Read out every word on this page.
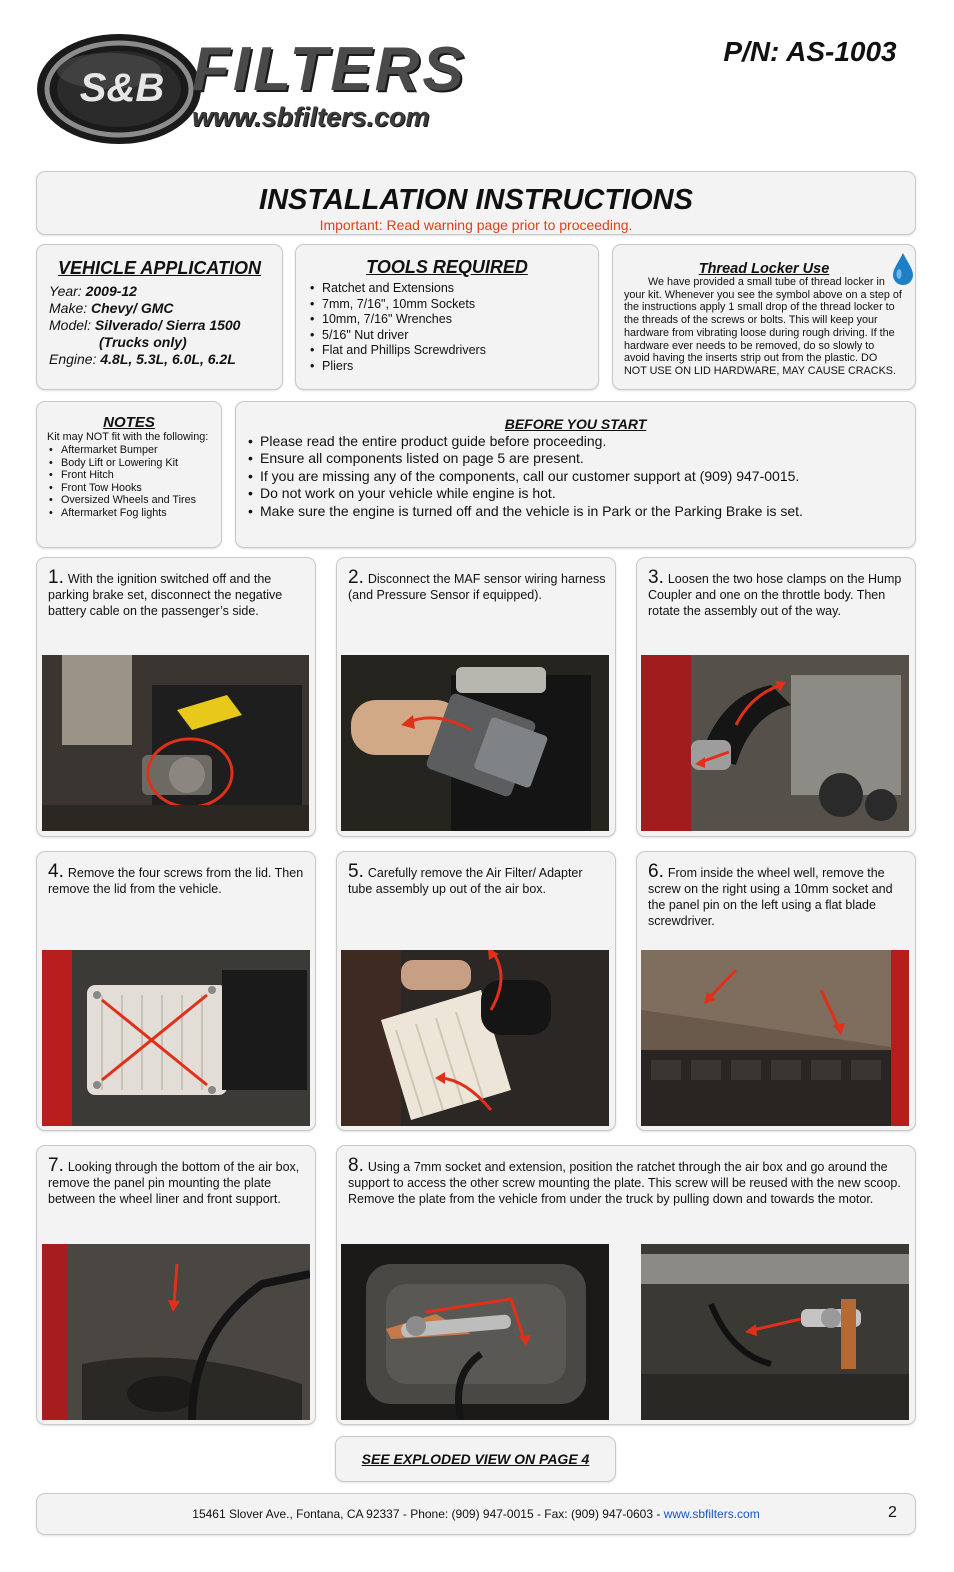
S&B FILTERS
www.sbfilters.com
P/N: AS-1003
INSTALLATION INSTRUCTIONS
Important: Read warning page prior to proceeding.
VEHICLE APPLICATION
Year: 2009-12
Make: Chevy/ GMC
Model: Silverado/ Sierra 1500
(Trucks only)
Engine: 4.8L, 5.3L, 6.0L, 6.2L
TOOLS REQUIRED
• Ratchet and Extensions
• 7mm, 7/16", 10mm Sockets
• 10mm, 7/16" Wrenches
• 5/16" Nut driver
• Flat and Phillips Screwdrivers
• Pliers
Thread Locker Use
We have provided a small tube of thread locker in your kit. Whenever you see the symbol above on a step of the instructions apply 1 small drop of the thread locker to the threads of the screws or bolts. This will keep your hardware from vibrating loose during rough driving. If the hardware ever needs to be removed, do so slowly to avoid having the inserts strip out from the plastic. DO NOT USE ON LID HARDWARE, MAY CAUSE CRACKS.
NOTES
Kit may NOT fit with the following:
• Aftermarket Bumper
• Body Lift or Lowering Kit
• Front Hitch
• Front Tow Hooks
• Oversized Wheels and Tires
• Aftermarket Fog lights
BEFORE YOU START
• Please read the entire product guide before proceeding.
• Ensure all components listed on page 5 are present.
• If you are missing any of the components, call our customer support at (909) 947-0015.
• Do not work on your vehicle while engine is hot.
• Make sure the engine is turned off and the vehicle is in Park or the Parking Brake is set.
1. With the ignition switched off and the parking brake set, disconnect the negative battery cable on the passenger’s side.
2. Disconnect the MAF sensor wiring harness (and Pressure Sensor if equipped).
3. Loosen the two hose clamps on the Hump Coupler and one on the throttle body. Then rotate the assembly out of the way.
4. Remove the four screws from the lid. Then remove the lid from the vehicle.
5. Carefully remove the Air Filter/ Adapter tube assembly up out of the air box.
6. From inside the wheel well, remove the screw on the right using a 10mm socket and the panel pin on the left using a flat blade screwdriver.
7. Looking through the bottom of the air box, remove the panel pin mounting the plate between the wheel liner and front support.
8. Using a 7mm socket and extension, position the ratchet through the air box and go around the support to access the other screw mounting the plate. This screw will be reused with the new scoop. Remove the plate from the vehicle from under the truck by pulling down and towards the motor.
SEE EXPLODED VIEW ON PAGE 4
15461 Slover Ave., Fontana, CA 92337 - Phone: (909) 947-0015 - Fax: (909) 947-0603 - www.sbfilters.com	2
